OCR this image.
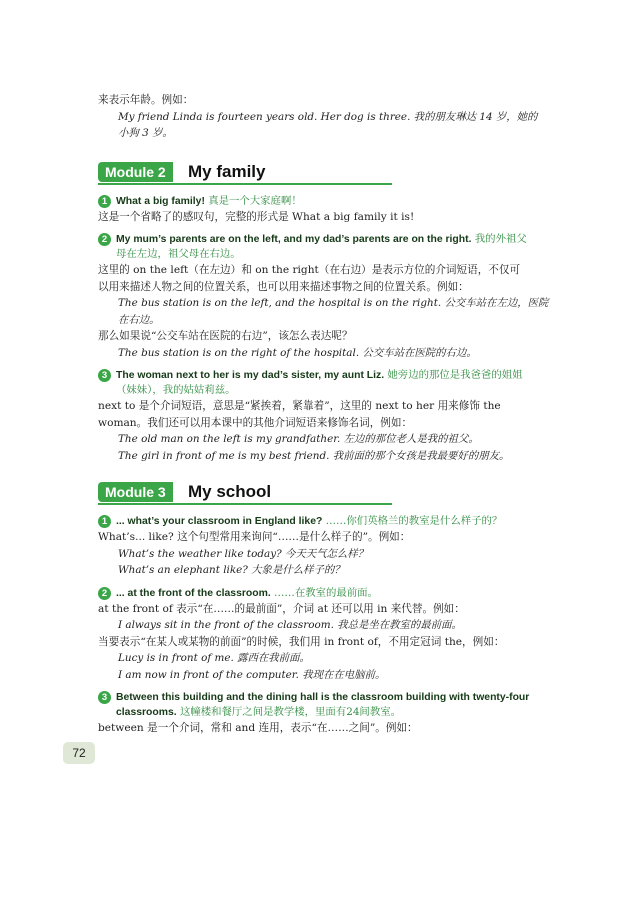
来表示年龄。例如：
My friend Linda is fourteen years old. Her dog is three. 我的朋友琳达 14 岁，她的
小狗 3 岁。
Module 2	My family
1 What a big family! 真是一个大家庭啊！
这是一个省略了的感叹句，完整的形式是 What a big family it is!
2 My mum’s parents are on the left, and my dad’s parents are on the right. 我的外祖父
母在左边，祖父母在右边。
这里的 on the left（在左边）和 on the right（在右边）是表示方位的介词短语，不仅可
以用来描述人物之间的位置关系，也可以用来描述事物之间的位置关系。例如：
The bus station is on the left, and the hospital is on the right. 公交车站在左边，医院
在右边。
那么如果说“公交车站在医院的右边”，该怎么表达呢？
The bus station is on the right of the hospital. 公交车站在医院的右边。
3 The woman next to her is my dad’s sister, my aunt Liz. 她旁边的那位是我爸爸的姐姐
（妹妹），我的姑姑莉兹。
next to 是个介词短语，意思是“紧挨着，紧靠着”，这里的 next to her 用来修饰 the
woman。我们还可以用本课中的其他介词短语来修饰名词，例如：
The old man on the left is my grandfather. 左边的那位老人是我的祖父。
The girl in front of me is my best friend. 我前面的那个女孩是我最要好的朋友。
Module 3	My school
1 ... what’s your classroom in England like? ……你们英格兰的教室是什么样子的？
What’s... like? 这个句型常用来询问“……是什么样子的”。例如：
What’s the weather like today? 今天天气怎么样？
What’s an elephant like? 大象是什么样子的？
2 ... at the front of the classroom. ……在教室的最前面。
at the front of 表示“在……的最前面”，介词 at 还可以用 in 来代替。例如：
I always sit in the front of the classroom. 我总是坐在教室的最前面。
当要表示“在某人或某物的前面”的时候，我们用 in front of，不用定冠词 the，例如：
Lucy is in front of me. 露西在我前面。
I am now in front of the computer. 我现在在电脑前。
3 Between this building and the dining hall is the classroom building with twenty-four
classrooms. 这幢楼和餐厅之间是教学楼，里面有24间教室。
between 是一个介词，常和 and 连用，表示“在……之间”。例如：
72
